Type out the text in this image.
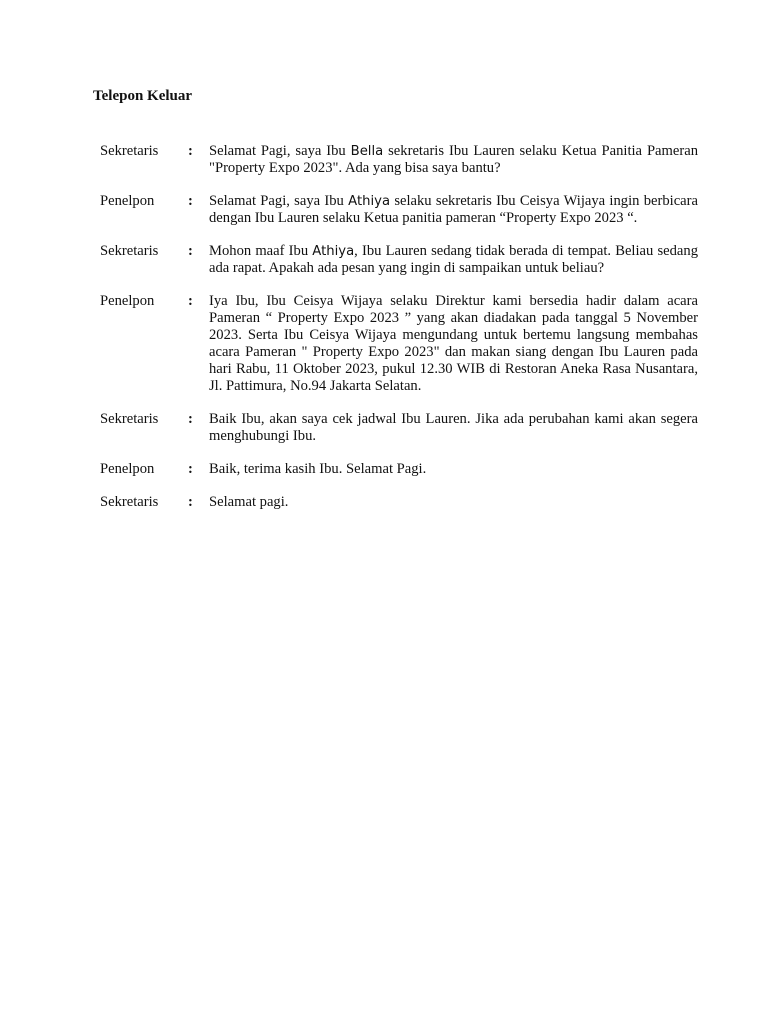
Telepon Keluar
Sekretaris	:	Selamat Pagi, saya Ibu Bella sekretaris Ibu Lauren selaku Ketua Panitia Pameran "Property Expo 2023". Ada yang bisa saya bantu?
Penelpon	:	Selamat Pagi, saya Ibu Athiya selaku sekretaris Ibu Ceisya Wijaya ingin berbicara dengan Ibu Lauren selaku Ketua panitia pameran “Property Expo 2023 “.
Sekretaris	:	Mohon maaf Ibu Athiya, Ibu Lauren sedang tidak berada di tempat. Beliau sedang ada rapat. Apakah ada pesan yang ingin di sampaikan untuk beliau?
Penelpon	:	Iya Ibu, Ibu Ceisya Wijaya selaku Direktur kami bersedia hadir dalam acara Pameran “ Property Expo 2023 ” yang akan diadakan pada tanggal 5 November 2023. Serta Ibu Ceisya Wijaya mengundang untuk bertemu langsung membahas acara Pameran " Property Expo 2023" dan makan siang dengan Ibu Lauren pada hari Rabu, 11 Oktober 2023, pukul 12.30 WIB di Restoran Aneka Rasa Nusantara, Jl. Pattimura, No.94 Jakarta Selatan.
Sekretaris	:	Baik Ibu, akan saya cek jadwal Ibu Lauren. Jika ada perubahan kami akan segera menghubungi Ibu.
Penelpon	:	Baik, terima kasih Ibu. Selamat Pagi.
Sekretaris	:	Selamat pagi.
